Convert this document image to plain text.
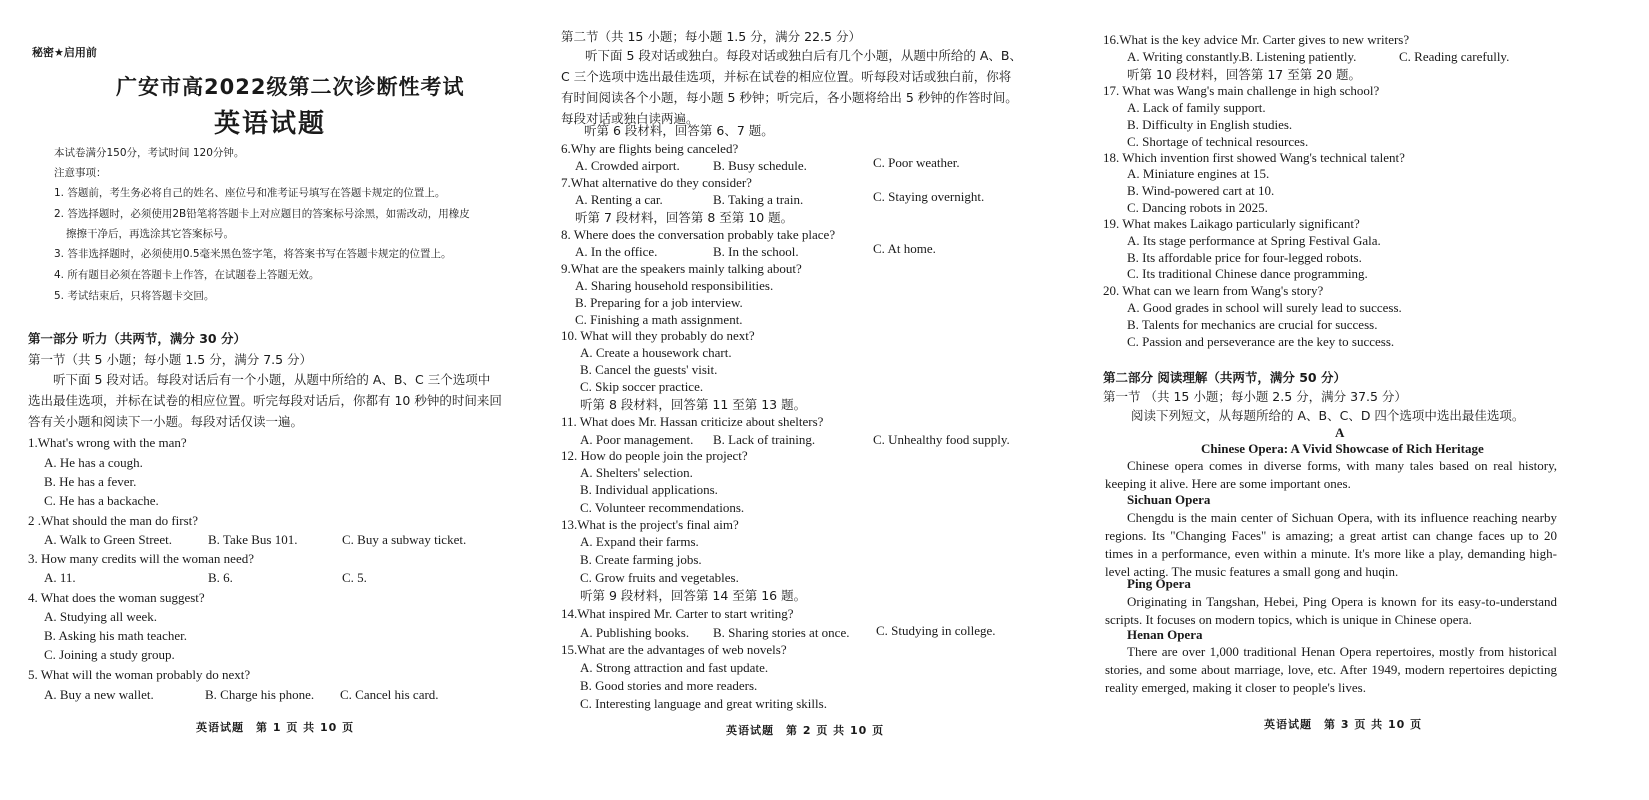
秘密★启用前
广安市高2022级第二次诊断性考试
英语试题
本试卷满分150分，考试时间 120分钟。
注意事项：
1. 答题前，考生务必将自己的姓名、座位号和准考证号填写在答题卡规定的位置上。
2. 答选择题时，必须使用2B铅笔将答题卡上对应题目的答案标号涂黑，如需改动，用橡皮
擦擦干净后，再选涂其它答案标号。
3. 答非选择题时，必须使用0.5毫米黑色签字笔，将答案书写在答题卡规定的位置上。
4. 所有题目必须在答题卡上作答，在试题卷上答题无效。
5. 考试结束后，只将答题卡交回。
第一部分 听力（共两节，满分 30 分）
第一节（共 5 小题；每小题 1.5 分，满分 7.5 分）
听下面 5 段对话。每段对话后有一个小题，从题中所给的 A、B、C 三个选项中选出最佳选项，并标在试卷的相应位置。听完每段对话后，你都有 10 秒钟的时间来回答有关小题和阅读下一小题。每段对话仅读一遍。
1.What's wrong with the man?
A. He has a cough.
B. He has a fever.
C. He has a backache.
2 .What should the man do first?
A. Walk to Green Street.	B. Take Bus 101.	C. Buy a subway ticket.
3. How many credits will the woman need?
A. 11.	B. 6.	C. 5.
4. What does the woman suggest?
A. Studying all week.
B. Asking his math teacher.
C. Joining a study group.
5. What will the woman probably do next?
A. Buy a new wallet.	B. Charge his phone. C. Cancel his card.
英语试题　第 1 页 共 10 页
第二节（共 15 小题；每小题 1.5 分，满分 22.5 分）
听下面 5 段对话或独白。每段对话或独白后有几个小题，从题中所给的 A、B、C 三个选项中选出最佳选项，并标在试卷的相应位置。听每段对话或独白前，你将有时间阅读各个小题，每小题 5 秒钟；听完后，各小题将给出 5 秒钟的作答时间。每段对话或独白读两遍。
听第 6 段材料，回答第 6、7 题。
6.Why are flights being canceled?
A. Crowded airport.	B. Busy schedule.	C. Poor weather.
7.What alternative do they consider?
A. Renting a car.	B. Taking a train.	C. Staying overnight.
听第 7 段材料，回答第 8 至第 10 题。
8. Where does the conversation probably take place?
A. In the office.	B. In the school.	C. At home.
9.What are the speakers mainly talking about?
A. Sharing household responsibilities.
B. Preparing for a job interview.
C. Finishing a math assignment.
10. What will they probably do next?
A. Create a housework chart.
B. Cancel the guests' visit.
C. Skip soccer practice.
听第 8 段材料，回答第 11 至第 13 题。
11. What does Mr. Hassan criticize about shelters?
A. Poor management. B. Lack of training.	C. Unhealthy food supply.
12. How do people join the project?
A. Shelters' selection.
B. Individual applications.
C. Volunteer recommendations.
13.What is the project's final aim?
A. Expand their farms.
B. Create farming jobs.
C. Grow fruits and vegetables.
听第 9 段材料，回答第 14 至第 16 题。
14.What inspired Mr. Carter to start writing?
A. Publishing books. B. Sharing stories at once. C. Studying in college.
15.What are the advantages of web novels?
A. Strong attraction and fast update.
B. Good stories and more readers.
C. Interesting language and great writing skills.
英语试题　第 2 页 共 10 页
16.What is the key advice Mr. Carter gives to new writers?
A. Writing constantly. B. Listening patiently.	C. Reading carefully.
听第 10 段材料，回答第 17 至第 20 题。
17. What was Wang's main challenge in high school?
A. Lack of family support.
B. Difficulty in English studies.
C. Shortage of technical resources.
18. Which invention first showed Wang's technical talent?
A. Miniature engines at 15.
B. Wind-powered cart at 10.
C. Dancing robots in 2025.
19. What makes Laikago particularly significant?
A. Its stage performance at Spring Festival Gala.
B. Its affordable price for four-legged robots.
C. Its traditional Chinese dance programming.
20. What can we learn from Wang's story?
A. Good grades in school will surely lead to success.
B. Talents for mechanics are crucial for success.
C. Passion and perseverance are the key to success.
第二部分 阅读理解（共两节，满分 50 分）
第一节 （共 15 小题；每小题 2.5 分，满分 37.5 分）
阅读下列短文，从每题所给的 A、B、C、D 四个选项中选出最佳选项。
A
Chinese Opera: A Vivid Showcase of Rich Heritage
Chinese opera comes in diverse forms, with many tales based on real history, keeping it alive. Here are some important ones.
Sichuan Opera
Chengdu is the main center of Sichuan Opera, with its influence reaching nearby regions. Its "Changing Faces" is amazing; a great artist can change faces up to 20 times in a performance, even within a minute. It's more like a play, demanding high-level acting. The music features a small gong and huqin.
Ping Opera
Originating in Tangshan, Hebei, Ping Opera is known for its easy-to-understand scripts. It focuses on modern topics, which is unique in Chinese opera.
Henan Opera
There are over 1,000 traditional Henan Opera repertoires, mostly from historical stories, and some about marriage, love, etc. After 1949, modern repertoires depicting reality emerged, making it closer to people's lives.
英语试题　第 3 页 共 10 页
